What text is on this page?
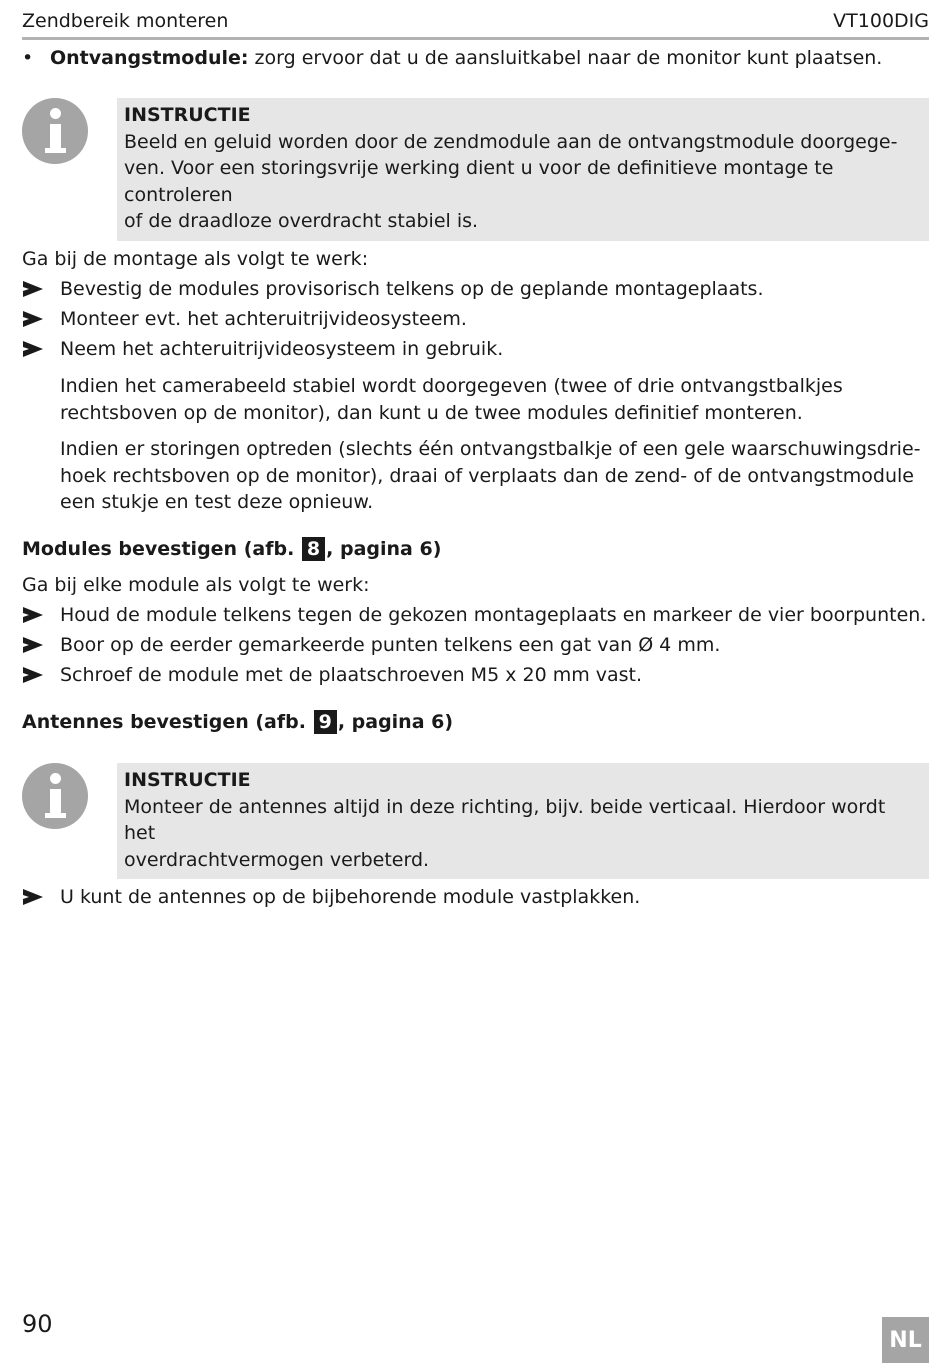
Zendbereik monteren	VT100DIG
• Ontvangstmodule: zorg ervoor dat u de aansluitkabel naar de monitor kunt plaatsen.
INSTRUCTIE
Beeld en geluid worden door de zendmodule aan de ontvangstmodule doorgege-
ven. Voor een storingsvrije werking dient u voor de definitieve montage te controleren
of de draadloze overdracht stabiel is.
Ga bij de montage als volgt te werk:
Bevestig de modules provisorisch telkens op de geplande montageplaats.
Monteer evt. het achteruitrijvideosysteem.
Neem het achteruitrijvideosysteem in gebruik.
Indien het camerabeeld stabiel wordt doorgegeven (twee of drie ontvangstbalkjes
rechtsboven op de monitor), dan kunt u de twee modules definitief monteren.
Indien er storingen optreden (slechts één ontvangstbalkje of een gele waarschuwingsdrie-
hoek rechtsboven op de monitor), draai of verplaats dan de zend- of de ontvangstmodule
een stukje en test deze opnieuw.
Modules bevestigen (afb. 8 , pagina 6)
Ga bij elke module als volgt te werk:
Houd de module telkens tegen de gekozen montageplaats en markeer de vier boorpunten.
Boor op de eerder gemarkeerde punten telkens een gat van Ø 4 mm.
Schroef de module met de plaatschroeven M5 x 20 mm vast.
Antennes bevestigen (afb. 9 , pagina 6)
INSTRUCTIE
Monteer de antennes altijd in deze richting, bijv. beide verticaal. Hierdoor wordt het
overdrachtvermogen verbeterd.
U kunt de antennes op de bijbehorende module vastplakken.
90
NL
